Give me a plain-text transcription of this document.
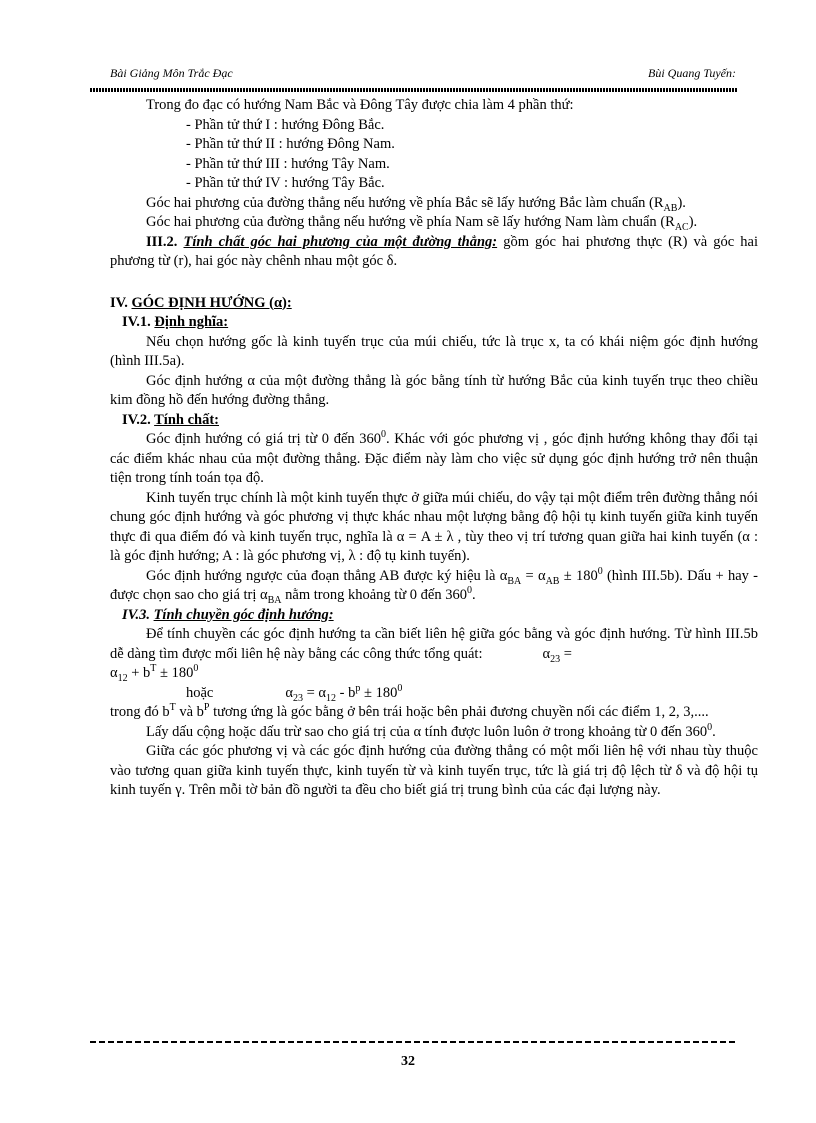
Bài Giảng Môn Trắc Đạc	Bùi Quang Tuyến:

Trong đo đạc có hướng Nam Bắc và Đông Tây được chia làm 4 phần thứ:

- Phần tử thứ I : hướng Đông Bắc.

- Phần tử thứ II : hướng Đông Nam.

- Phần tử thứ III : hướng Tây Nam.

- Phần tử thứ IV : hướng Tây Bắc.

Góc hai phương của đường thẳng nếu hướng về phía Bắc sẽ lấy hướng Bắc làm chuẩn $(R_{AB})$.

Góc hai phương của đường thẳng nếu hướng về phía Nam sẽ lấy hướng Nam làm chuẩn $(R_{AC})$.

III.2. Tính chất góc hai phương của một đường thẳng: gồm góc hai phương thực (R) và góc hai phương từ (r), hai góc này chênh nhau một góc δ.

IV. GÓC ĐỊNH HƯỚNG (α):

IV.1. Định nghĩa:

Nếu chọn hướng gốc là kinh tuyến trục của múi chiếu, tức là trục x, ta có khái niệm góc định hướng (hình III.5a).

Góc định hướng α của một đường thẳng là góc bằng tính từ hướng Bắc của kinh tuyến trục theo chiều kim đồng hồ đến hướng đường thẳng.

IV.2. Tính chất:

Góc định hướng có giá trị từ 0 đến $360^0$. Khác với góc phương vị , góc định hướng không thay đổi tại các điểm khác nhau của một đường thẳng. Đặc điểm này làm cho việc sử dụng góc định hướng trở nên thuận tiện trong tính toán tọa độ.

Kinh tuyến trục chính là một kinh tuyến thực ở giữa múi chiếu, do vậy tại một điểm trên đường thẳng nói chung góc định hướng và góc phương vị thực khác nhau một lượng bằng độ hội tụ kinh tuyến giữa kinh tuyến thực đi qua điểm đó và kinh tuyến trục, nghĩa là α = A ± λ , tùy theo vị trí tương quan giữa hai kinh tuyến (α : là góc định hướng; A : là góc phương vị, λ : độ tụ kinh tuyến).

Góc định hướng ngược của đoạn thẳng AB được ký hiệu là $\alpha_{BA} = \alpha_{AB} \pm 180^0$ (hình III.5b). Dấu + hay - được chọn sao cho giá trị $\alpha_{BA}$ nằm trong khoảng từ 0 đến $360^0$.

IV.3. Tính chuyền góc định hướng:

Để tính chuyền các góc định hướng ta cần biết liên hệ giữa góc bằng và góc định hướng. Từ hình III.5b dễ dàng tìm được mối liên hệ này bằng các công thức tổng quát:	$\alpha_{23}$ =

$\alpha_{12} + b^T \pm 180^0$

hoặc	$\alpha_{23} = \alpha_{12} - b^p \pm 180^0$

trong đó $b^T$ và $b^P$ tương ứng là góc bằng ở bên trái hoặc bên phải đương chuyền nối các điểm 1, 2, 3,....

Lấy dấu cộng hoặc dấu trừ sao cho giá trị của α tính được luôn luôn ở trong khoảng từ 0 đến $360^0$.

Giữa các góc phương vị và các góc định hướng của đường thẳng có một mối liên hệ với nhau tùy thuộc vào tương quan giữa kinh tuyến thực, kinh tuyến từ và kinh tuyến trục, tức là giá trị độ lệch từ δ và độ hội tụ kinh tuyến γ. Trên mỗi tờ bản đồ người ta đều cho biết giá trị trung bình của các đại lượng này.

32
